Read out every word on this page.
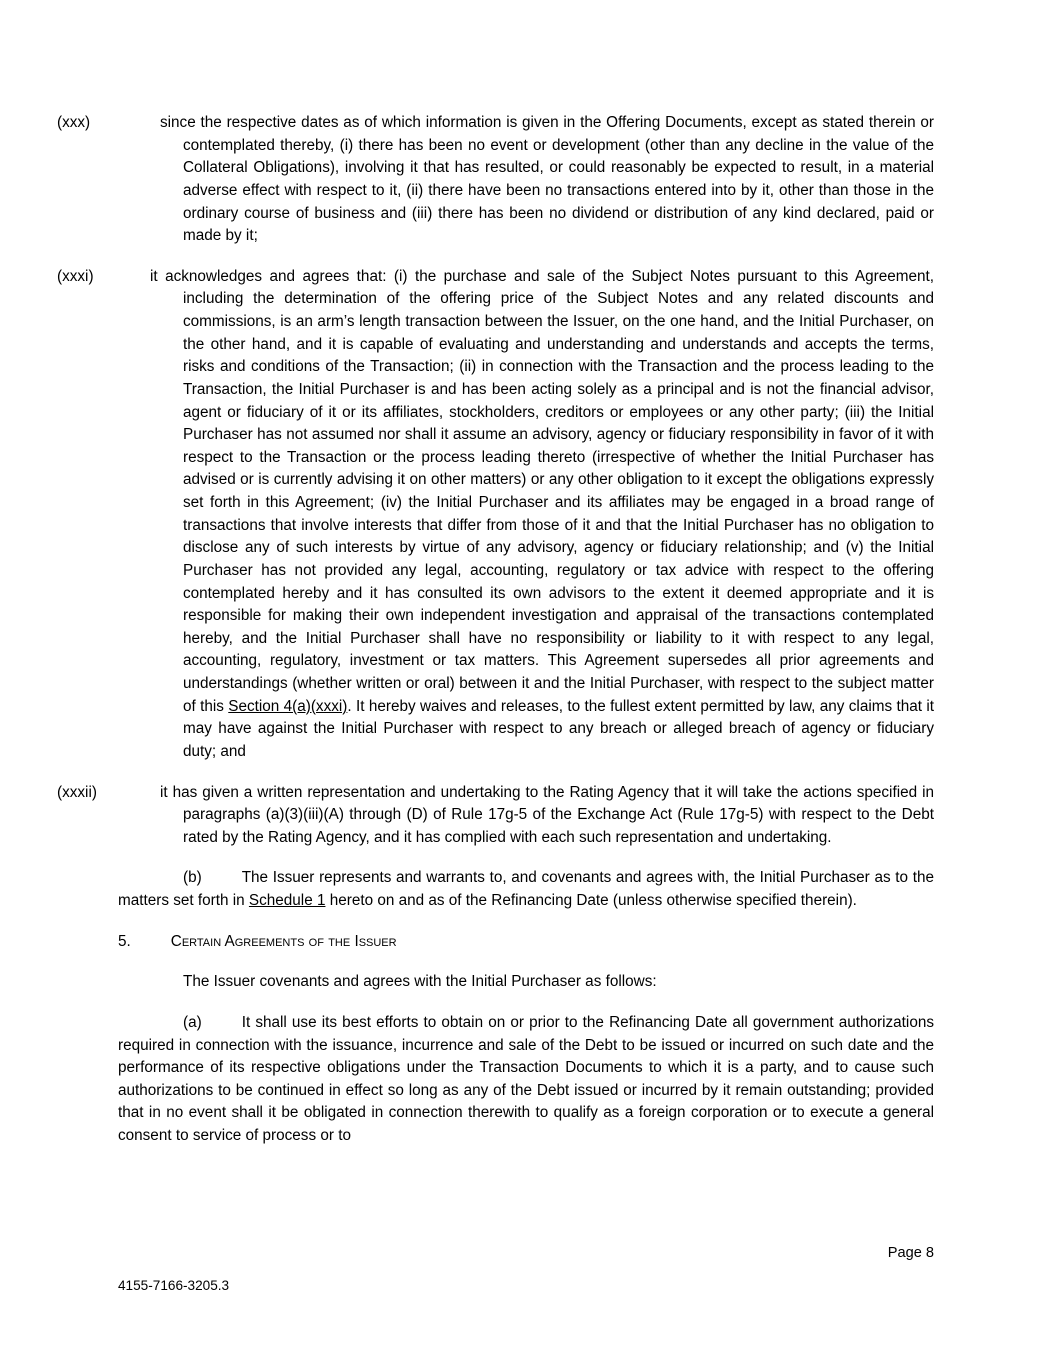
(xxx)	since the respective dates as of which information is given in the Offering Documents, except as stated therein or contemplated thereby, (i) there has been no event or development (other than any decline in the value of the Collateral Obligations), involving it that has resulted, or could reasonably be expected to result, in a material adverse effect with respect to it, (ii) there have been no transactions entered into by it, other than those in the ordinary course of business and (iii) there has been no dividend or distribution of any kind declared, paid or made by it;

(xxxi)	it acknowledges and agrees that: (i) the purchase and sale of the Subject Notes pursuant to this Agreement, including the determination of the offering price of the Subject Notes and any related discounts and commissions, is an arm’s length transaction between the Issuer, on the one hand, and the Initial Purchaser, on the other hand, and it is capable of evaluating and understanding and understands and accepts the terms, risks and conditions of the Transaction; (ii) in connection with the Transaction and the process leading to the Transaction, the Initial Purchaser is and has been acting solely as a principal and is not the financial advisor, agent or fiduciary of it or its affiliates, stockholders, creditors or employees or any other party; (iii) the Initial Purchaser has not assumed nor shall it assume an advisory, agency or fiduciary responsibility in favor of it with respect to the Transaction or the process leading thereto (irrespective of whether the Initial Purchaser has advised or is currently advising it on other matters) or any other obligation to it except the obligations expressly set forth in this Agreement; (iv) the Initial Purchaser and its affiliates may be engaged in a broad range of transactions that involve interests that differ from those of it and that the Initial Purchaser has no obligation to disclose any of such interests by virtue of any advisory, agency or fiduciary relationship; and (v) the Initial Purchaser has not provided any legal, accounting, regulatory or tax advice with respect to the offering contemplated hereby and it has consulted its own advisors to the extent it deemed appropriate and it is responsible for making their own independent investigation and appraisal of the transactions contemplated hereby, and the Initial Purchaser shall have no responsibility or liability to it with respect to any legal, accounting, regulatory, investment or tax matters. This Agreement supersedes all prior agreements and understandings (whether written or oral) between it and the Initial Purchaser, with respect to the subject matter of this Section 4(a)(xxxi). It hereby waives and releases, to the fullest extent permitted by law, any claims that it may have against the Initial Purchaser with respect to any breach or alleged breach of agency or fiduciary duty; and

(xxxii)	it has given a written representation and undertaking to the Rating Agency that it will take the actions specified in paragraphs (a)(3)(iii)(A) through (D) of Rule 17g-5 of the Exchange Act (Rule 17g-5) with respect to the Debt rated by the Rating Agency, and it has complied with each such representation and undertaking.

(b)	The Issuer represents and warrants to, and covenants and agrees with, the Initial Purchaser as to the matters set forth in Schedule 1 hereto on and as of the Refinancing Date (unless otherwise specified therein).

5.	Certain Agreements of the Issuer

The Issuer covenants and agrees with the Initial Purchaser as follows:

(a)	It shall use its best efforts to obtain on or prior to the Refinancing Date all government authorizations required in connection with the issuance, incurrence and sale of the Debt to be issued or incurred on such date and the performance of its respective obligations under the Transaction Documents to which it is a party, and to cause such authorizations to be continued in effect so long as any of the Debt issued or incurred by it remain outstanding; provided that in no event shall it be obligated in connection therewith to qualify as a foreign corporation or to execute a general consent to service of process or to

Page 8
4155-7166-3205.3
